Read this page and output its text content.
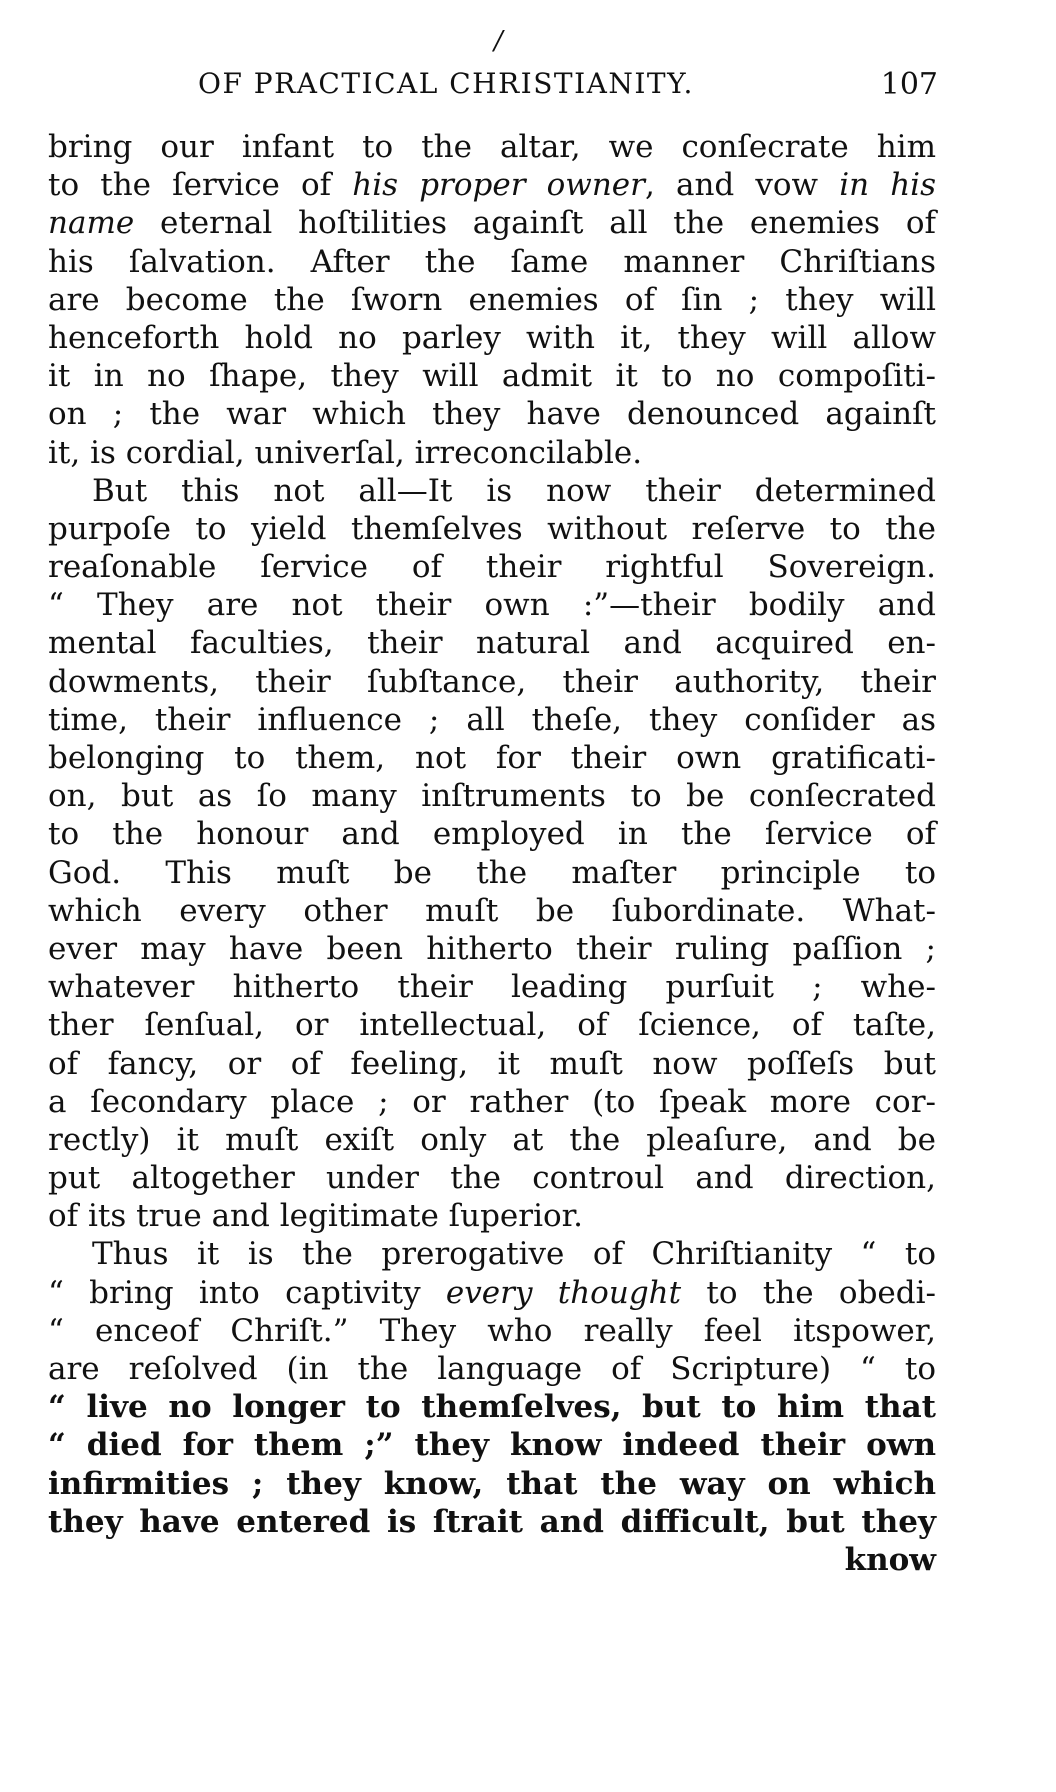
/
OF PRACTICAL CHRISTIANITY.	107
bring our infant to the altar, we conſecrate him
to the ſervice of his proper owner, and vow in his
name eternal hoſtilities againſt all the enemies of
his ſalvation. After the ſame manner Chriſtians
are become the ſworn enemies of ſin ; they will
henceforth hold no parley with it, they will allow
it in no ſhape, they will admit it to no compoſiti-
on ; the war which they have denounced againſt
it, is cordial, univerſal, irreconcilable.
But this not all—It is now their determined
purpoſe to yield themſelves without reſerve to the
reaſonable ſervice of their rightful Sovereign.
“ They are not their own :”—their bodily and
mental faculties, their natural and acquired en-
dowments, their ſubſtance, their authority, their
time, their influence ; all theſe, they conſider as
belonging to them, not for their own gratificati-
on, but as ſo many inſtruments to be conſecrated
to the honour and employed in the ſervice of
God. This muſt be the maſter principle to
which every other muſt be ſubordinate. What-
ever may have been hitherto their ruling paſſion ;
whatever hitherto their leading purſuit ; whe-
ther ſenſual, or intellectual, of ſcience, of taſte,
of fancy, or of feeling, it muſt now poſſeſs but
a ſecondary place ; or rather (to ſpeak more cor-
rectly) it muſt exiſt only at the pleaſure, and be
put altogether under the controul and direction,
of its true and legitimate ſuperior.
Thus it is the prerogative of Chriſtianity “ to
“ bring into captivity every thought to the obedi-
“ enceof Chriſt.” They who really feel itspower,
are reſolved (in the language of Scripture) “ to
“ live no longer to themſelves, but to him that
“ died for them ;” they know indeed their own
infirmities ; they know, that the way on which
they have entered is ſtrait and difficult, but they
know
